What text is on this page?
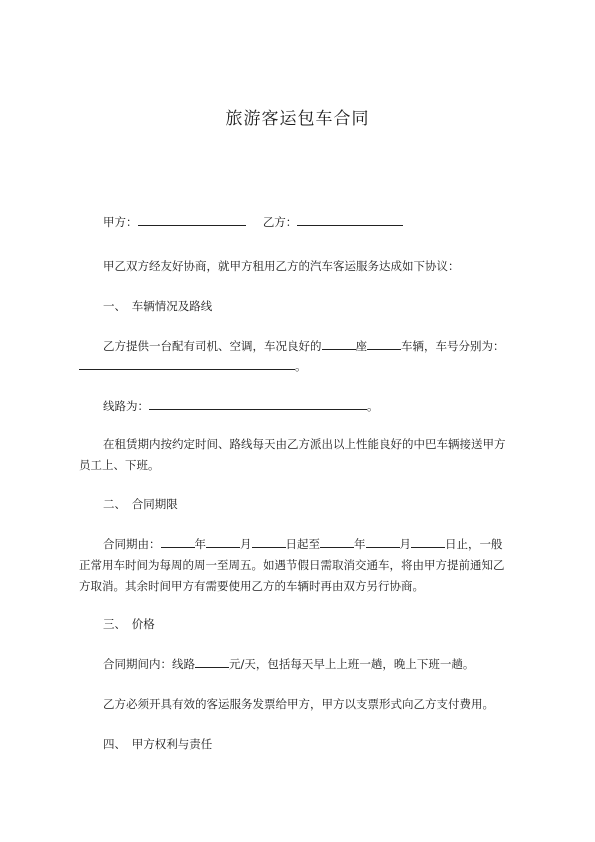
旅游客运包车合同
甲方：	乙方：
甲乙双方经友好协商，就甲方租用乙方的汽车客运服务达成如下协议：
一、　车辆情况及路线
乙方提供一台配有司机、空调，车况良好的	座	车辆，车号分别为：
。
线路为：	。
在租赁期内按约定时间、路线每天由乙方派出以上性能良好的中巴车辆接送甲方
员工上、下班。
二、　合同期限
合同期由：	年	月	日起至	年	月	日止，一般
正常用车时间为每周的周一至周五。如遇节假日需取消交通车，将由甲方提前通知乙
方取消。其余时间甲方有需要使用乙方的车辆时再由双方另行协商。
三、　价格
合同期间内：线路	元/天，包括每天早上上班一趟，晚上下班一趟。
乙方必须开具有效的客运服务发票给甲方，甲方以支票形式向乙方支付费用。
四、　甲方权利与责任
